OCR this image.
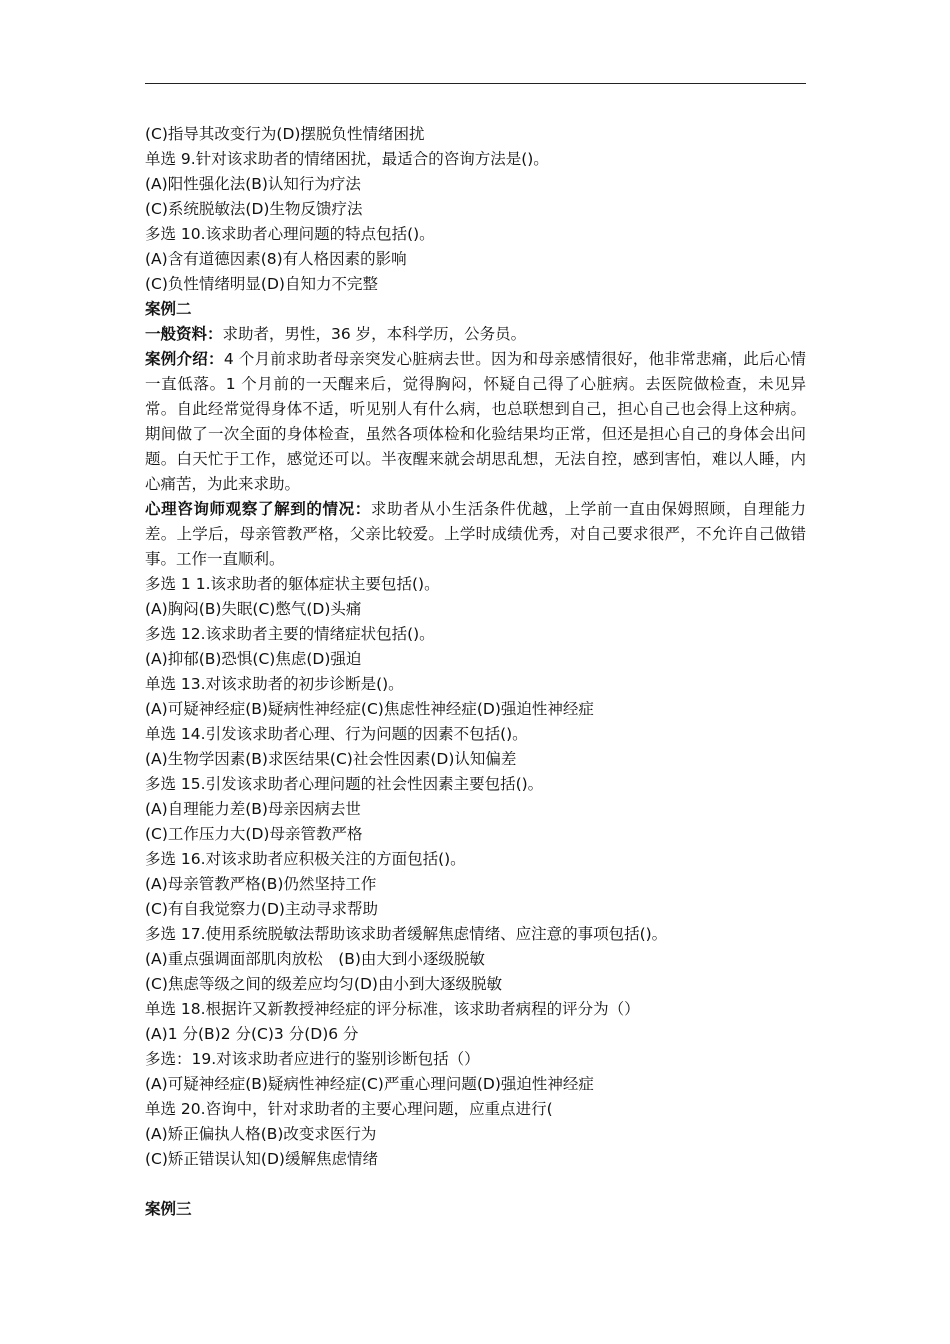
(C)指导其改变行为(D)摆脱负性情绪困扰
单选 9.针对该求助者的情绪困扰，最适合的咨询方法是()。
(A)阳性强化法(B)认知行为疗法
(C)系统脱敏法(D)生物反馈疗法
多选 10.该求助者心理问题的特点包括()。
(A)含有道德因素(8)有人格因素的影响
(C)负性情绪明显(D)自知力不完整
案例二
一般资料：求助者，男性，36 岁，本科学历，公务员。
案例介绍：4 个月前求助者母亲突发心脏病去世。因为和母亲感情很好，他非常悲痛，此后心情一直低落。1 个月前的一天醒来后，觉得胸闷，怀疑自己得了心脏病。去医院做检查，未见异常。自此经常觉得身体不适，听见别人有什么病，也总联想到自己，担心自己也会得上这种病。期间做了一次全面的身体检查，虽然各项体检和化验结果均正常，但还是担心自己的身体会出问题。白天忙于工作，感觉还可以。半夜醒来就会胡思乱想，无法自控，感到害怕，难以人睡，内心痛苦，为此来求助。
心理咨询师观察了解到的情况：求助者从小生活条件优越，上学前一直由保姆照顾，自理能力差。上学后，母亲管教严格，父亲比较爱。上学时成绩优秀，对自己要求很严，不允许自己做错事。工作一直顺利。
多选 1 1.该求助者的躯体症状主要包括()。
(A)胸闷(B)失眠(C)憋气(D)头痛
多选 12.该求助者主要的情绪症状包括()。
(A)抑郁(B)恐惧(C)焦虑(D)强迫
单选 13.对该求助者的初步诊断是()。
(A)可疑神经症(B)疑病性神经症(C)焦虑性神经症(D)强迫性神经症
单选 14.引发该求助者心理、行为问题的因素不包括()。
(A)生物学因素(B)求医结果(C)社会性因素(D)认知偏差
多选 15.引发该求助者心理问题的社会性因素主要包括()。
(A)自理能力差(B)母亲因病去世
(C)工作压力大(D)母亲管教严格
多选 16.对该求助者应积极关注的方面包括()。
(A)母亲管教严格(B)仍然坚持工作
(C)有自我觉察力(D)主动寻求帮助
多选 17.使用系统脱敏法帮助该求助者缓解焦虑情绪、应注意的事项包括()。
(A)重点强调面部肌肉放松　(B)由大到小逐级脱敏
(C)焦虑等级之间的级差应均匀(D)由小到大逐级脱敏
单选 18.根据许又新教授神经症的评分标准，该求助者病程的评分为（）
(A)1 分(B)2 分(C)3 分(D)6 分
多选：19.对该求助者应进行的鉴别诊断包括（）
(A)可疑神经症(B)疑病性神经症(C)严重心理问题(D)强迫性神经症
单选 20.咨询中，针对求助者的主要心理问题，应重点进行(
(A)矫正偏执人格(B)改变求医行为
(C)矫正错误认知(D)缓解焦虑情绪
案例三
